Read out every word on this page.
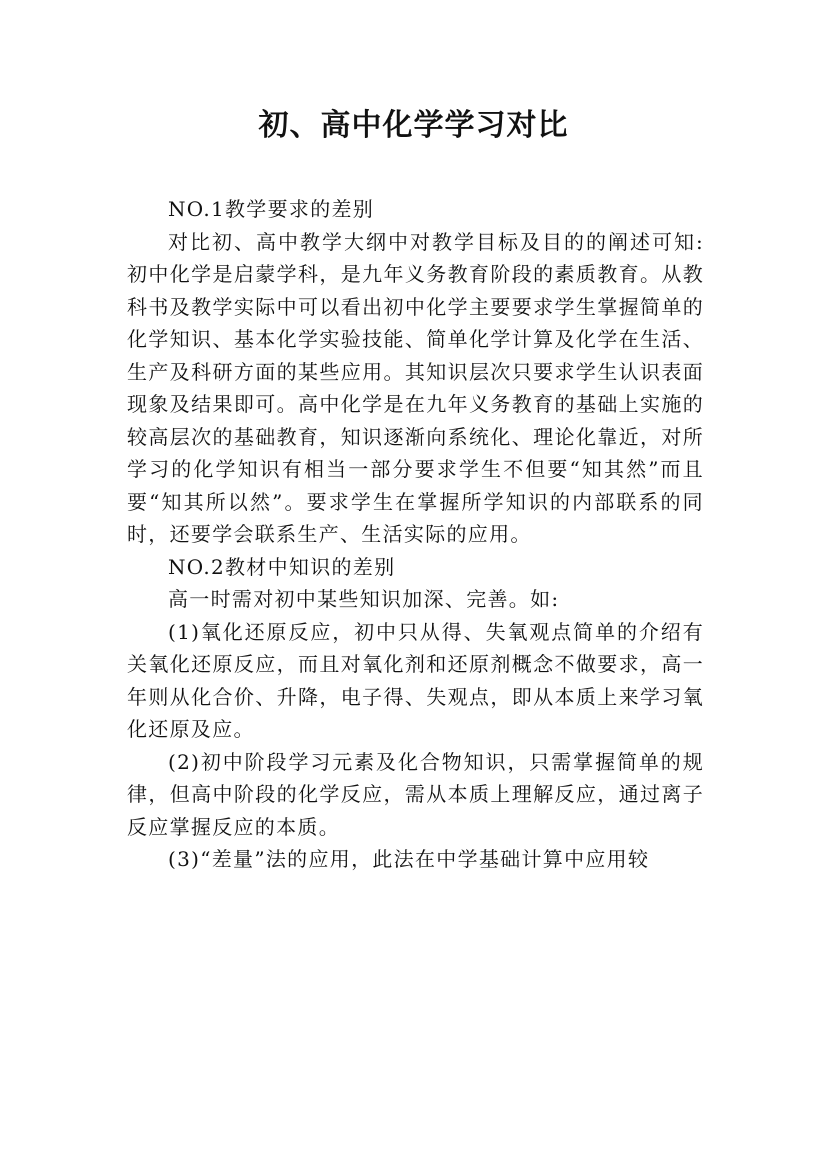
初、高中化学学习对比

NO.1教学要求的差别

对比初、高中教学大纲中对教学目标及目的的阐述可知:初中化学是启蒙学科，是九年义务教育阶段的素质教育。从教科书及教学实际中可以看出初中化学主要要求学生掌握简单的化学知识、基本化学实验技能、简单化学计算及化学在生活、生产及科研方面的某些应用。其知识层次只要求学生认识表面现象及结果即可。高中化学是在九年义务教育的基础上实施的较高层次的基础教育，知识逐渐向系统化、理论化靠近，对所学习的化学知识有相当一部分要求学生不但要“知其然”而且要“知其所以然”。要求学生在掌握所学知识的内部联系的同时，还要学会联系生产、生活实际的应用。

NO.2教材中知识的差别

高一时需对初中某些知识加深、完善。如:

(1)氧化还原反应，初中只从得、失氧观点简单的介绍有关氧化还原反应，而且对氧化剂和还原剂概念不做要求，高一年则从化合价、升降，电子得、失观点，即从本质上来学习氧化还原及应。

(2)初中阶段学习元素及化合物知识，只需掌握简单的规律，但高中阶段的化学反应，需从本质上理解反应，通过离子反应掌握反应的本质。

(3)“差量”法的应用，此法在中学基础计算中应用较
